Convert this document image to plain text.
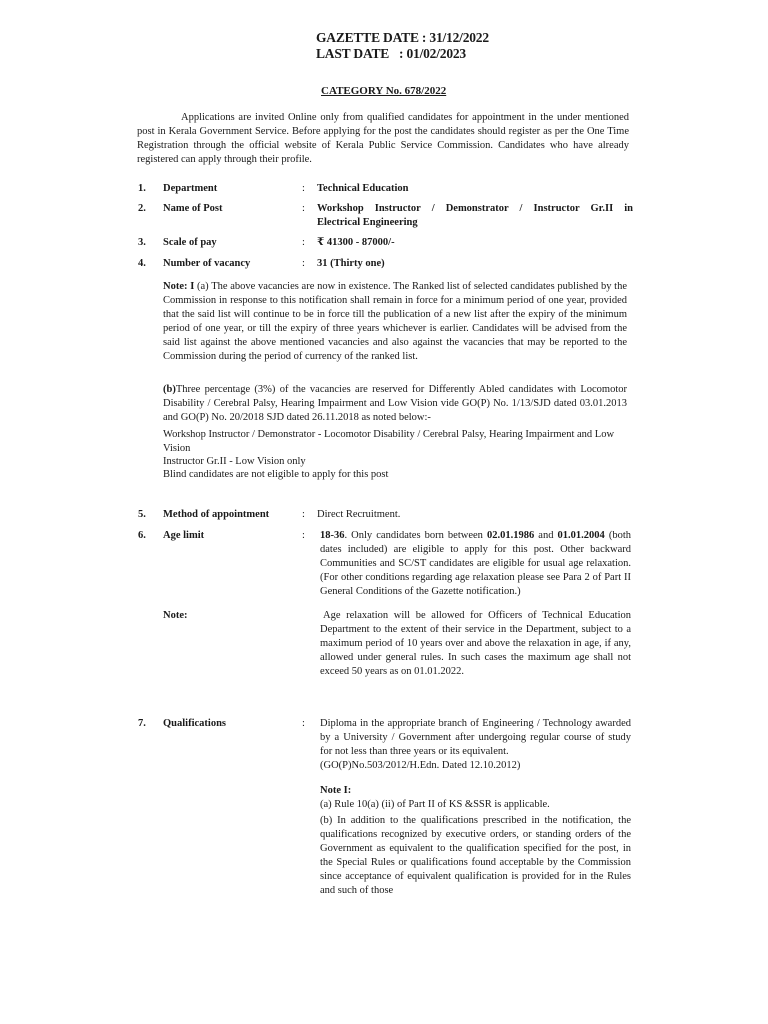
GAZETTE DATE : 31/12/2022
LAST DATE : 01/02/2023
CATEGORY No. 678/2022
Applications are invited Online only from qualified candidates for appointment in the under mentioned post in Kerala Government Service. Before applying for the post the candidates should register as per the One Time Registration through the official website of Kerala Public Service Commission. Candidates who have already registered can apply through their profile.
1. Department	: Technical Education
2. Name of Post	: Workshop Instructor / Demonstrator / Instructor Gr.II in
Electrical Engineering
3. Scale of pay	: ₹ 41300 - 87000/-
4. Number of vacancy	: 31 (Thirty one)
Note: I (a) The above vacancies are now in existence. The Ranked list of selected candidates published by the Commission in response to this notification shall remain in force for a minimum period of one year, provided that the said list will continue to be in force till the publication of a new list after the expiry of the minimum period of one year, or till the expiry of three years whichever is earlier. Candidates will be advised from the said list against the above mentioned vacancies and also against the vacancies that may be reported to the Commission during the period of currency of the ranked list.
(b)Three percentage (3%) of the vacancies are reserved for Differently Abled candidates with Locomotor Disability / Cerebral Palsy, Hearing Impairment and Low Vision vide GO(P) No. 1/13/SJD dated 03.01.2013 and GO(P) No. 20/2018 SJD dated 26.11.2018 as noted below:-
Workshop Instructor / Demonstrator - Locomotor Disability / Cerebral Palsy, Hearing Impairment and Low Vision
Instructor Gr.II - Low Vision only
Blind candidates are not eligible to apply for this post
5. Method of appointment	: Direct Recruitment.
6. Age limit	: 18-36. Only candidates born between 02.01.1986 and 01.01.2004 (both dates included) are eligible to apply for this post. Other backward Communities and SC/ST candidates are eligible for usual age relaxation. (For other conditions regarding age relaxation please see Para 2 of Part II General Conditions of the Gazette notification.)
Note:	Age relaxation will be allowed for Officers of Technical Education Department to the extent of their service in the Department, subject to a maximum period of 10 years over and above the relaxation in age, if any, allowed under general rules. In such cases the maximum age shall not exceed 50 years as on 01.01.2022.
7. Qualifications	: Diploma in the appropriate branch of Engineering / Technology awarded by a University / Government after undergoing regular course of study for not less than three years or its equivalent.
(GO(P)No.503/2012/H.Edn. Dated 12.10.2012)
Note I:
(a) Rule 10(a) (ii) of Part II of KS &SSR is applicable.
(b) In addition to the qualifications prescribed in the notification, the qualifications recognized by executive orders, or standing orders of the Government as equivalent to the qualification specified for the post, in the Special Rules or qualifications found acceptable by the Commission since acceptance of equivalent qualification is provided for in the Rules and such of those
